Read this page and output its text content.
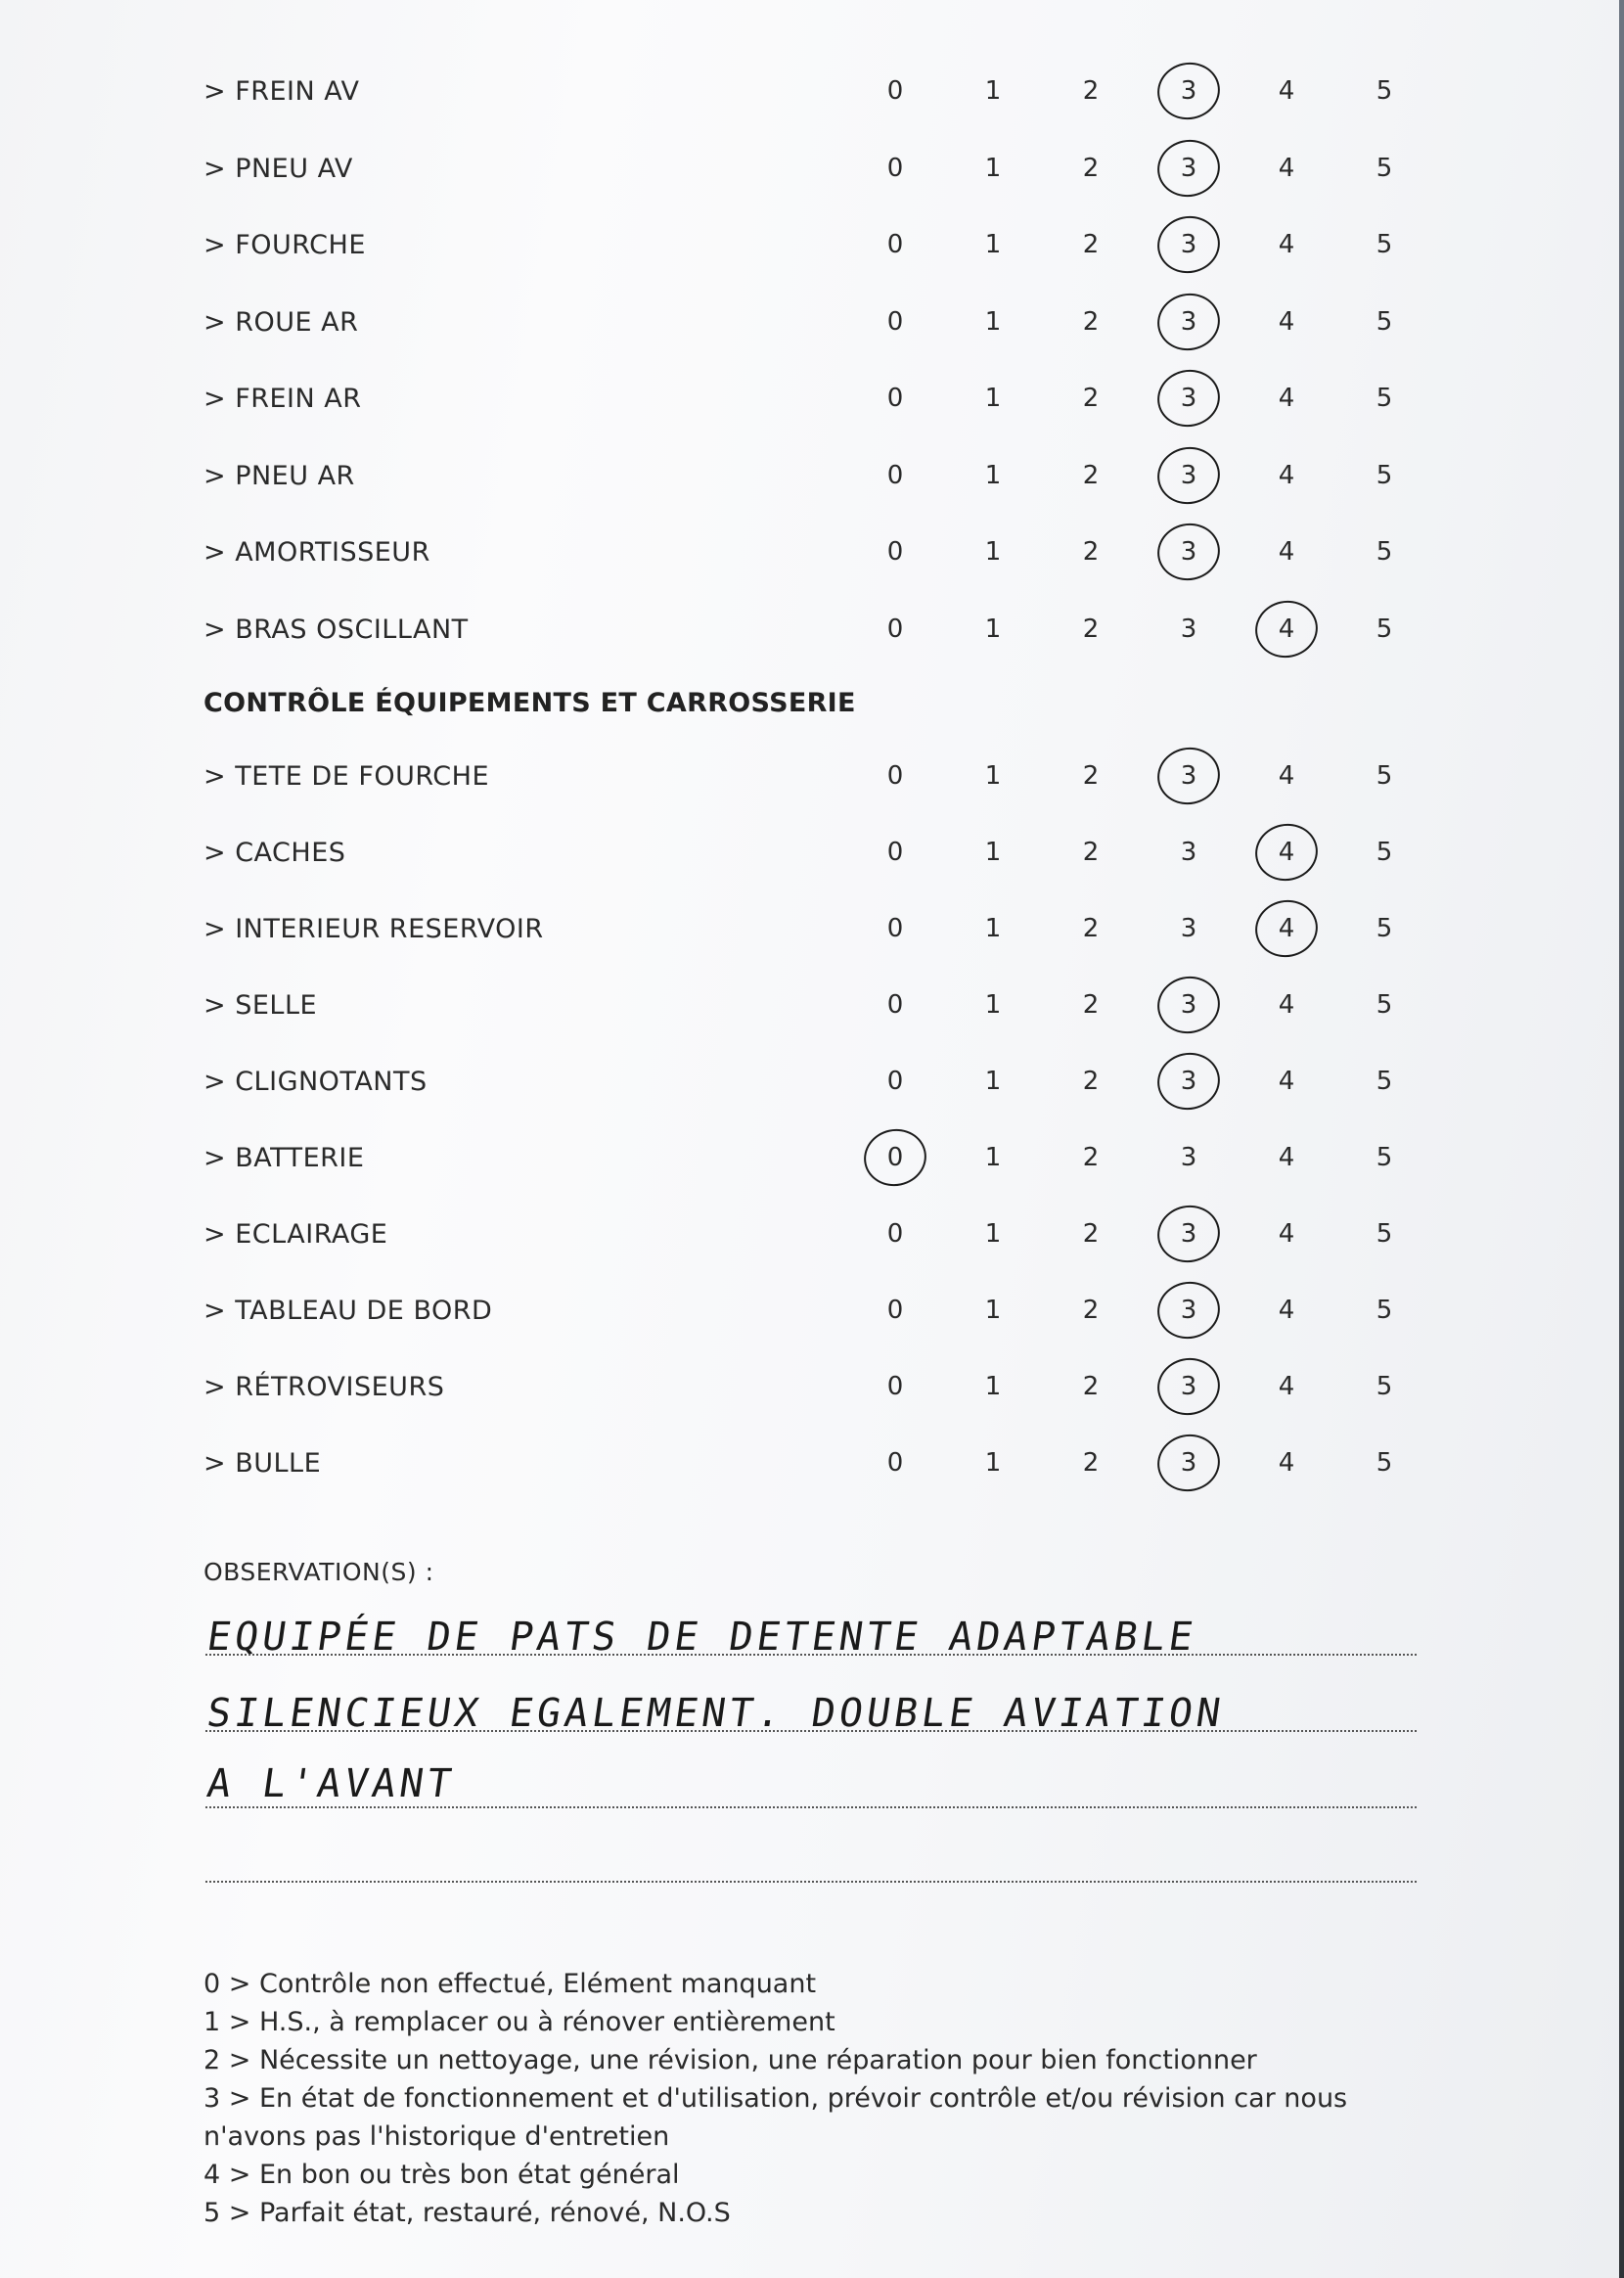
> FREIN AV	0	1	2	3	4	5
> PNEU AV	0	1	2	3	4	5
> FOURCHE	0	1	2	3	4	5
> ROUE AR	0	1	2	3	4	5
> FREIN AR	0	1	2	3	4	5
> PNEU AR	0	1	2	3	4	5
> AMORTISSEUR	0	1	2	3	4	5
> BRAS OSCILLANT	0	1	2	3	4	5
> TETE DE FOURCHE	0	1	2	3	4	5
> CACHES	0	1	2	3	4	5
> INTERIEUR RESERVOIR	0	1	2	3	4	5
> SELLE	0	1	2	3	4	5
> CLIGNOTANTS	0	1	2	3	4	5
> BATTERIE	0	1	2	3	4	5
> ECLAIRAGE	0	1	2	3	4	5
> TABLEAU DE BORD	0	1	2	3	4	5
> RÉTROVISEURS	0	1	2	3	4	5
> BULLE	0	1	2	3	4	5
CONTRÔLE ÉQUIPEMENTS ET CARROSSERIE
OBSERVATION(S) :
EQUIPÉE DE PATS DE DETENTE ADAPTABLE
SILENCIEUX EGALEMENT. DOUBLE AVIATION
A L'AVANT
0 > Contrôle non effectué, Elément manquant
1 > H.S., à remplacer ou à rénover entièrement
2 > Nécessite un nettoyage, une révision, une réparation pour bien fonctionner
3 > En état de fonctionnement et d'utilisation, prévoir contrôle et/ou révision car nous n'avons pas l'historique d'entretien
4 > En bon ou très bon état général
5 > Parfait état, restauré, rénové, N.O.S
